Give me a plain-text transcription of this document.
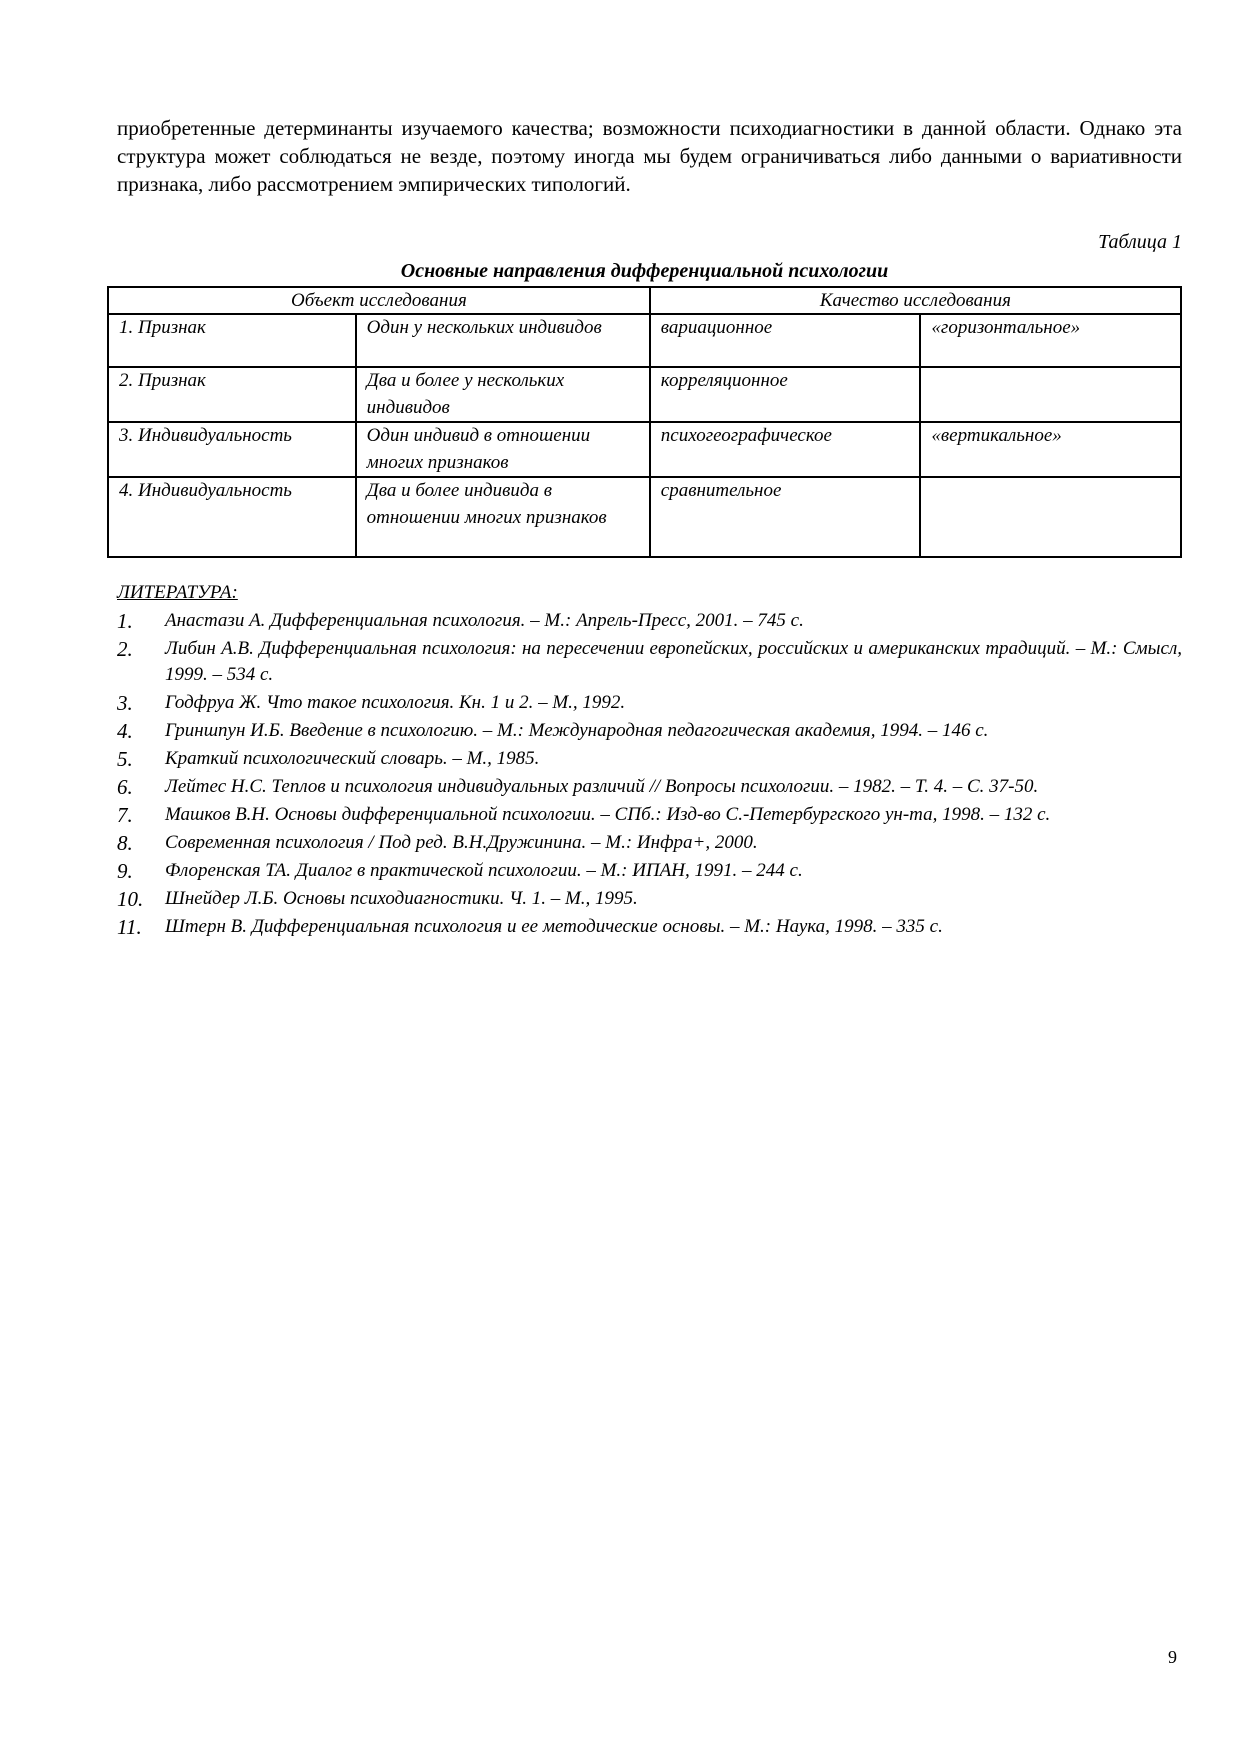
приобретенные детерминанты изучаемого качества; возможности психодиагностики в данной области. Однако эта структура может соблюдаться не везде, поэтому иногда мы будем ограничиваться либо данными о вариативности признака, либо рассмотрением эмпирических типологий.

Таблица 1
Основные направления дифференциальной психологии
Объект исследования		Качество исследования	
1. Признак	Один у нескольких индивидов	вариационное	«горизонтальное»
2. Признак	Два и более у нескольких индивидов	корреляционное	
3. Индивидуальность	Один индивид в отношении многих признаков	психогеографическое	«вертикальное»
4. Индивидуальность	Два и более индивида в отношении многих признаков	сравнительное	
ЛИТЕРАТУРА:
1. Анастази А. Дифференциальная психология. – М.: Апрель-Пресс, 2001. – 745 с.
2. Либин А.В. Дифференциальная психология: на пересечении европейских, российских и американских традиций. – М.: Смысл, 1999. – 534 с.
3. Годфруа Ж. Что такое психология. Кн. 1 и 2. – М., 1992.
4. Гриншпун И.Б. Введение в психологию. – М.: Международная педагогическая академия, 1994. – 146 с.
5. Краткий психологический словарь. – М., 1985.
6. Лейтес Н.С. Теплов и психология индивидуальных различий // Вопросы психологии. – 1982. – Т. 4. – С. 37-50.
7. Машков В.Н. Основы дифференциальной психологии. – СПб.: Изд-во С.-Петербургского ун-та, 1998. – 132 с.
8. Современная психология / Под ред. В.Н.Дружинина. – М.: Инфра+, 2000.
9. Флоренская ТА. Диалог в практической психологии. – М.: ИПАН, 1991. – 244 с.
10. Шнейдер Л.Б. Основы психодиагностики. Ч. 1. – М., 1995.
11. Штерн В. Дифференциальная психология и ее методические основы. – М.: Наука, 1998. – 335 с.
9
